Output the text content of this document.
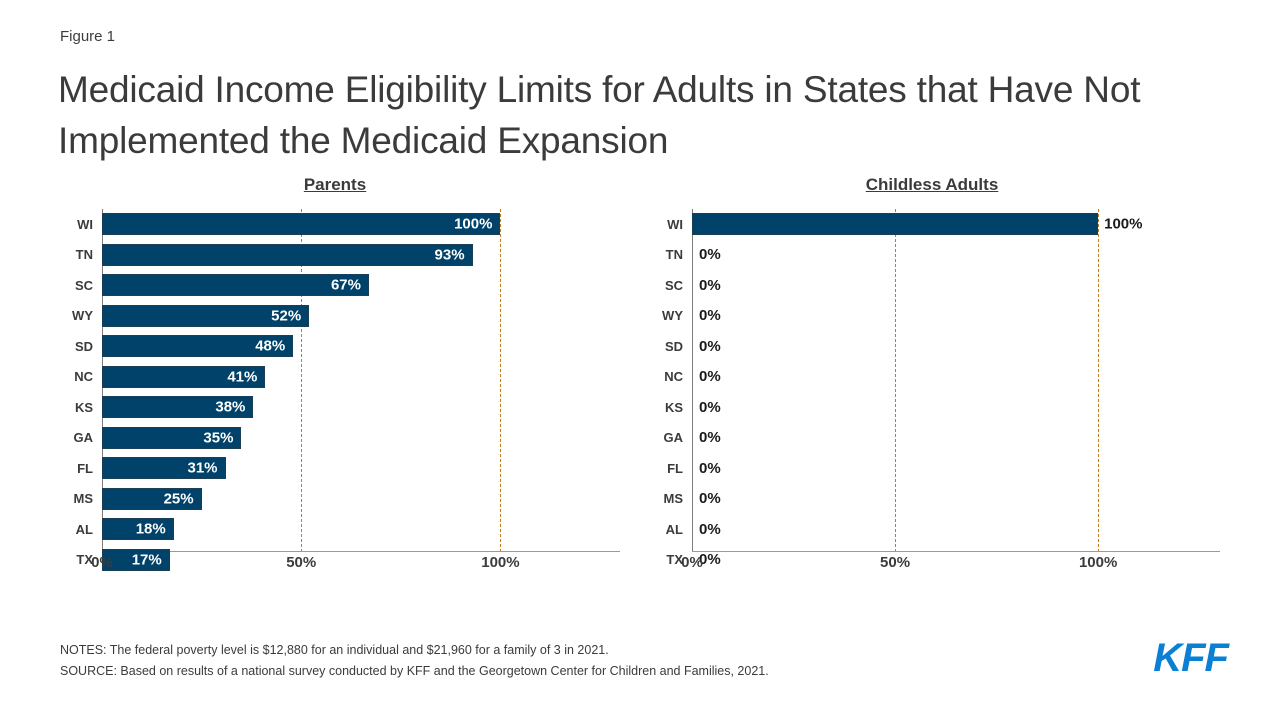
Figure 1
Medicaid Income Eligibility Limits for Adults in States that Have Not Implemented the Medicaid Expansion
Parents
WI	100%
TN	93%
SC	67%
WY	52%
SD	48%
NC	41%
KS	38%
GA	35%
FL	31%
MS	25%
AL	18%
TX	17%
0%	50%	100%
Childless Adults
WI	100%
TN	0%
SC	0%
WY	0%
SD	0%
NC	0%
KS	0%
GA	0%
FL	0%
MS	0%
AL	0%
TX	0%
0%	50%	100%
NOTES: The federal poverty level is $12,880 for an individual and $21,960 for a family of 3 in 2021.
SOURCE: Based on results of a national survey conducted by KFF and the Georgetown Center for Children and Families, 2021.	KFF
